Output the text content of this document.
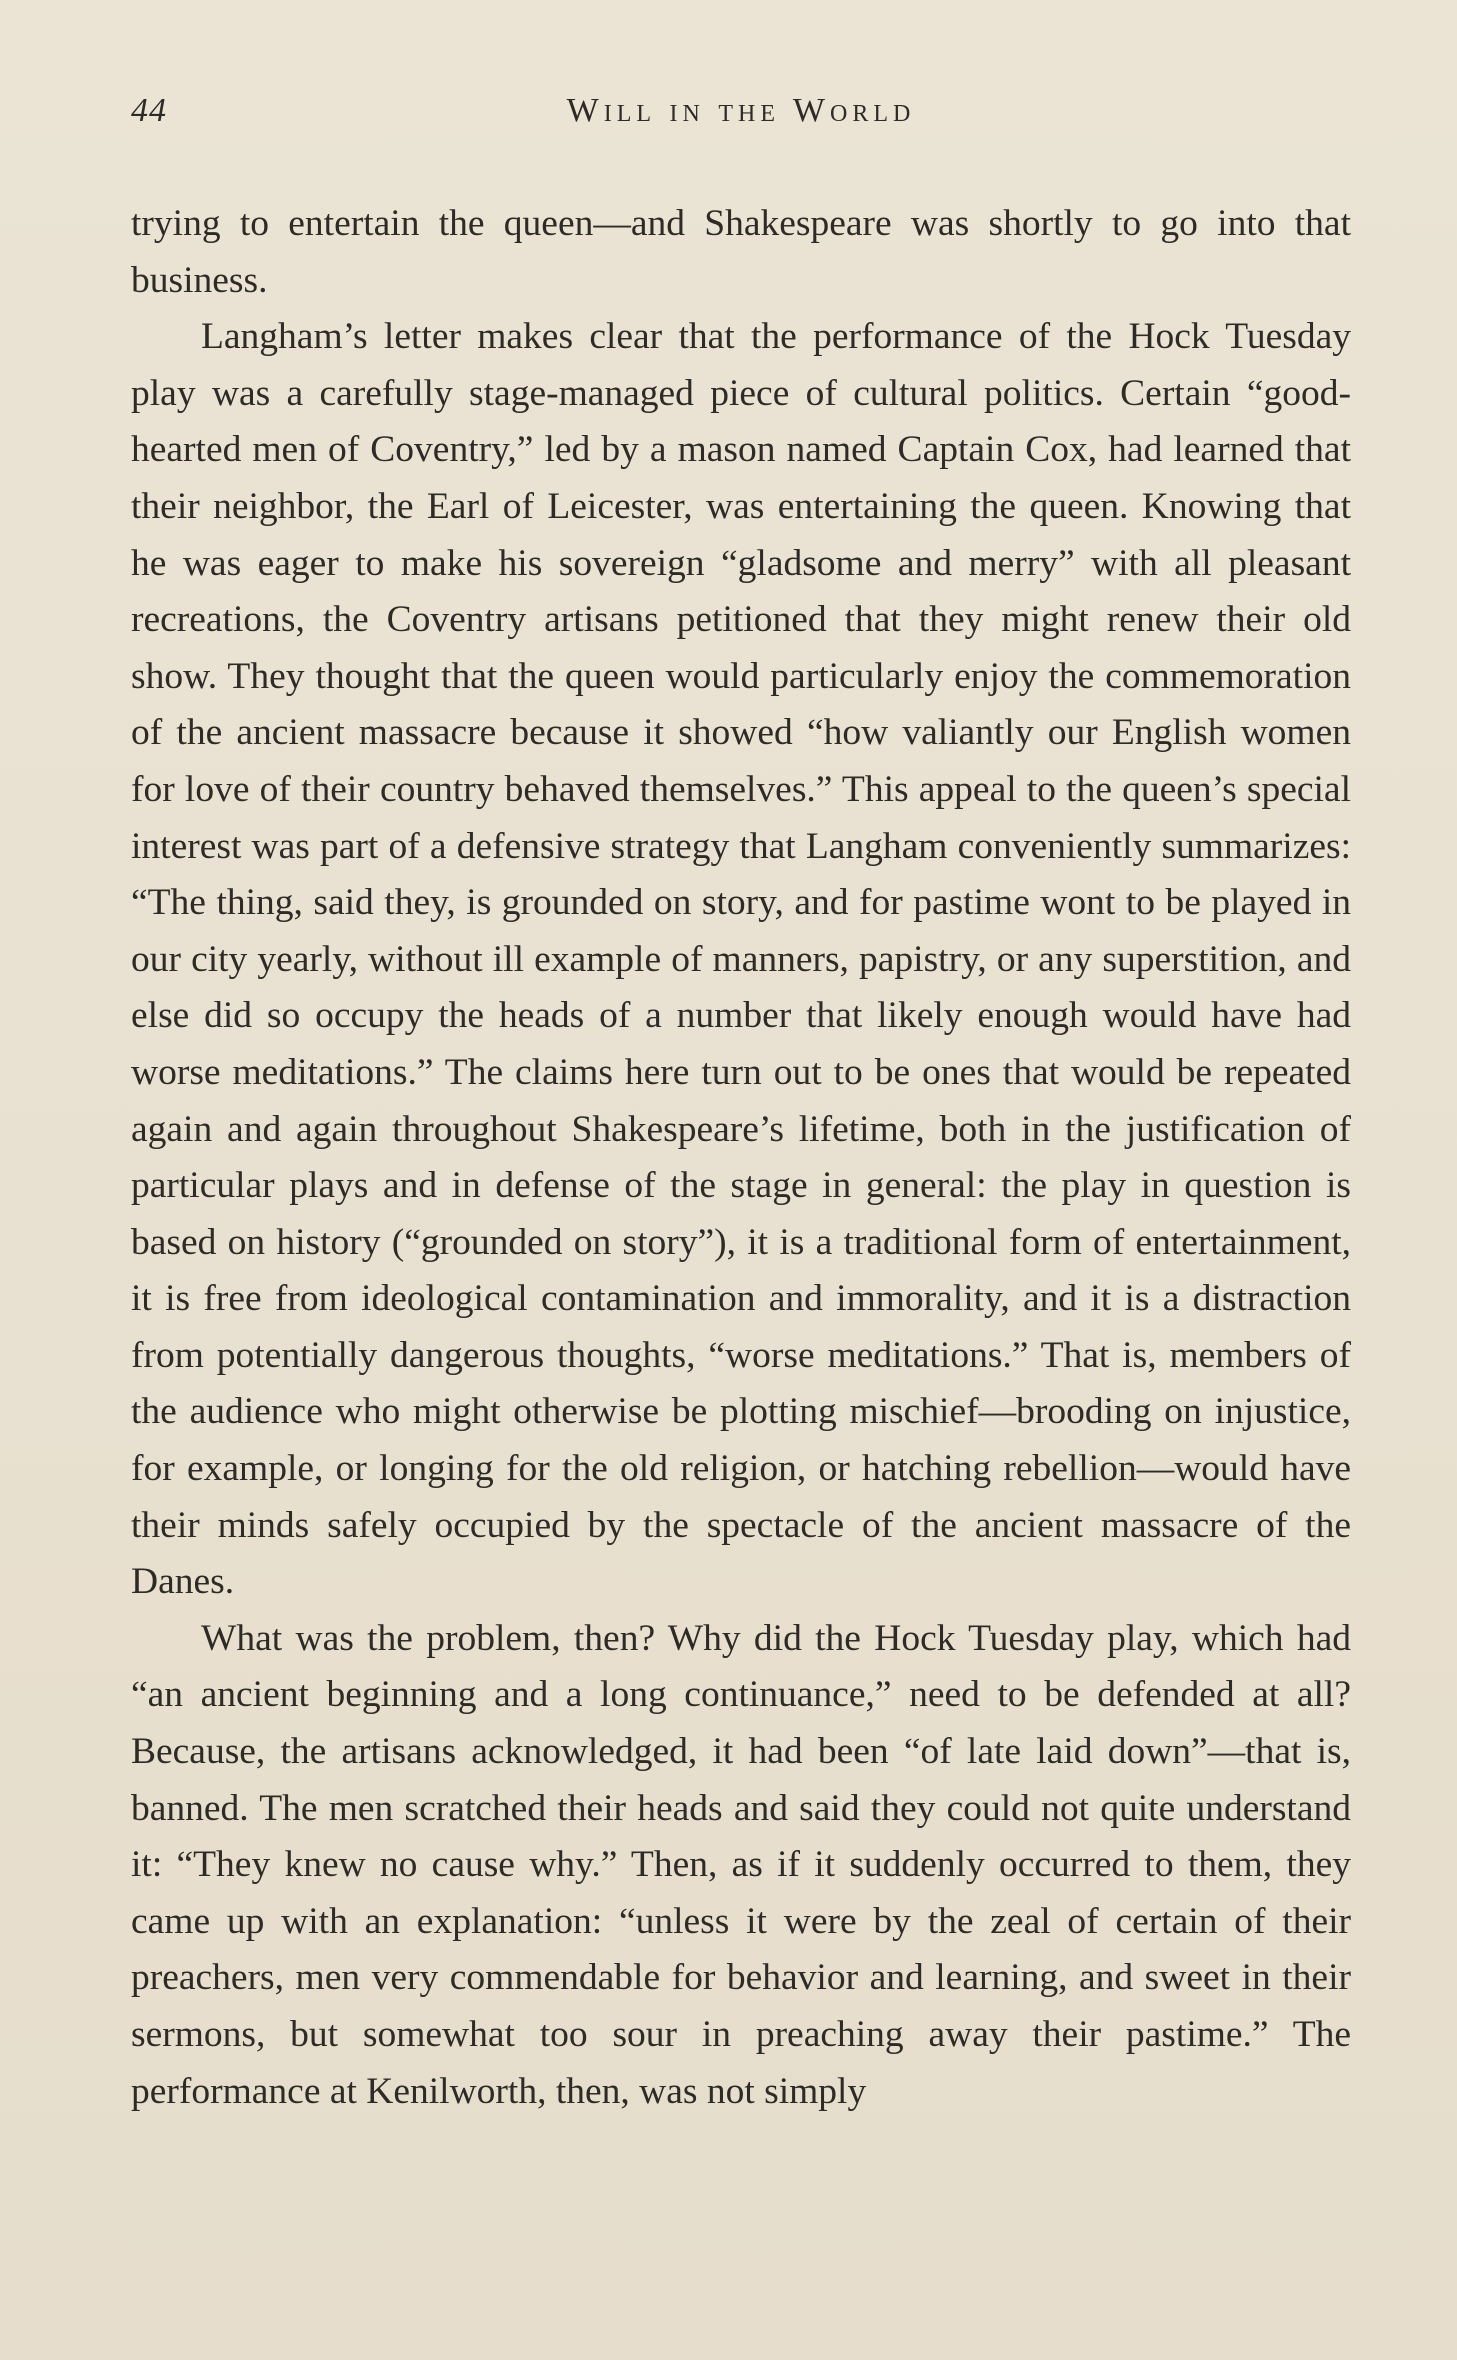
44	Will in the World

trying to entertain the queen—and Shakespeare was shortly to go into that business.

Langham’s letter makes clear that the performance of the Hock Tuesday play was a carefully stage-managed piece of cultural politics. Certain “good-hearted men of Coventry,” led by a mason named Captain Cox, had learned that their neighbor, the Earl of Leicester, was entertaining the queen. Knowing that he was eager to make his sovereign “gladsome and merry” with all pleasant recreations, the Coventry artisans petitioned that they might renew their old show. They thought that the queen would particularly enjoy the commemoration of the ancient massacre because it showed “how valiantly our English women for love of their country behaved themselves.” This appeal to the queen’s special interest was part of a defensive strategy that Langham conveniently summarizes: “The thing, said they, is grounded on story, and for pastime wont to be played in our city yearly, without ill example of manners, papistry, or any superstition, and else did so occupy the heads of a number that likely enough would have had worse meditations.” The claims here turn out to be ones that would be repeated again and again throughout Shakespeare’s lifetime, both in the justification of particular plays and in defense of the stage in general: the play in question is based on history (“grounded on story”), it is a traditional form of entertainment, it is free from ideological contamination and immorality, and it is a distraction from potentially dangerous thoughts, “worse meditations.” That is, members of the audience who might otherwise be plotting mischief—brooding on injustice, for example, or longing for the old religion, or hatching rebellion—would have their minds safely occupied by the spectacle of the ancient massacre of the Danes.

What was the problem, then? Why did the Hock Tuesday play, which had “an ancient beginning and a long continuance,” need to be defended at all? Because, the artisans acknowledged, it had been “of late laid down”—that is, banned. The men scratched their heads and said they could not quite understand it: “They knew no cause why.” Then, as if it suddenly occurred to them, they came up with an explanation: “unless it were by the zeal of certain of their preachers, men very commendable for behavior and learning, and sweet in their sermons, but somewhat too sour in preaching away their pastime.” The performance at Kenilworth, then, was not simply
